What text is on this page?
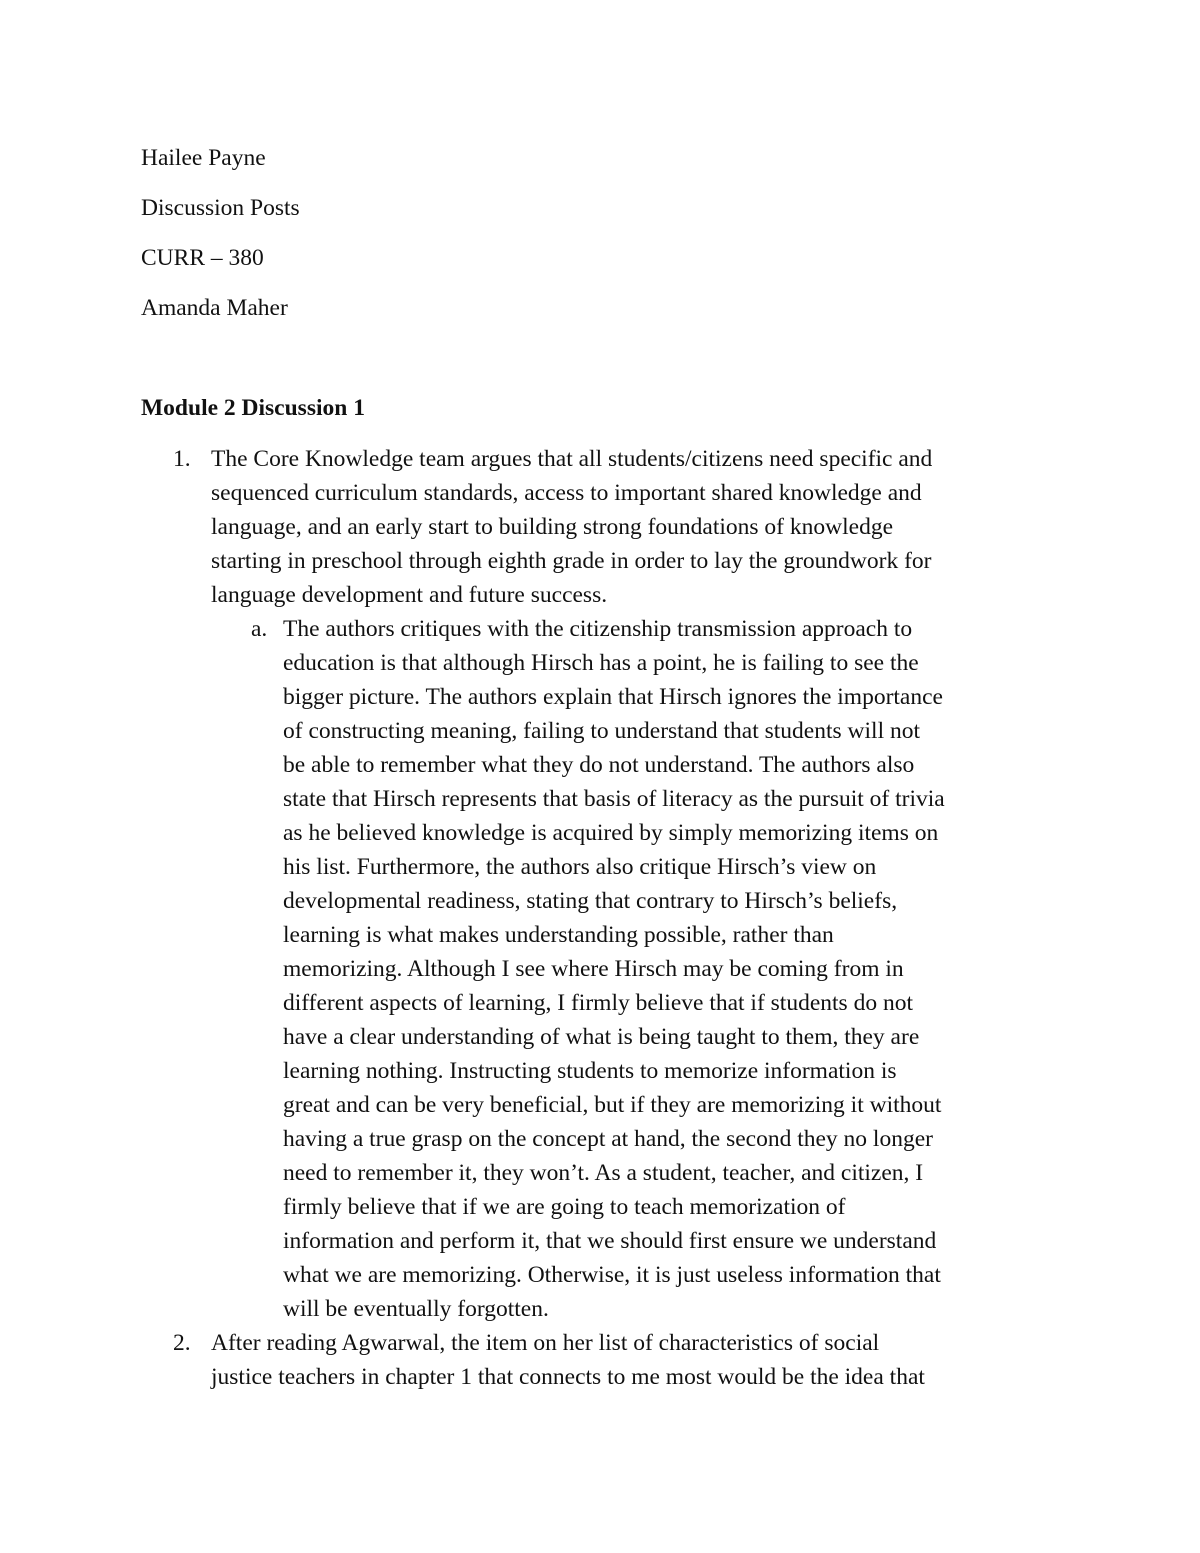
Hailee Payne
Discussion Posts
CURR – 380
Amanda Maher
Module 2 Discussion 1
1. The Core Knowledge team argues that all students/citizens need specific and
sequenced curriculum standards, access to important shared knowledge and
language, and an early start to building strong foundations of knowledge
starting in preschool through eighth grade in order to lay the groundwork for
language development and future success.
a. The authors critiques with the citizenship transmission approach to
education is that although Hirsch has a point, he is failing to see the
bigger picture. The authors explain that Hirsch ignores the importance
of constructing meaning, failing to understand that students will not
be able to remember what they do not understand. The authors also
state that Hirsch represents that basis of literacy as the pursuit of trivia
as he believed knowledge is acquired by simply memorizing items on
his list. Furthermore, the authors also critique Hirsch’s view on
developmental readiness, stating that contrary to Hirsch’s beliefs,
learning is what makes understanding possible, rather than
memorizing. Although I see where Hirsch may be coming from in
different aspects of learning, I firmly believe that if students do not
have a clear understanding of what is being taught to them, they are
learning nothing. Instructing students to memorize information is
great and can be very beneficial, but if they are memorizing it without
having a true grasp on the concept at hand, the second they no longer
need to remember it, they won’t. As a student, teacher, and citizen, I
firmly believe that if we are going to teach memorization of
information and perform it, that we should first ensure we understand
what we are memorizing. Otherwise, it is just useless information that
will be eventually forgotten.
2. After reading Agwarwal, the item on her list of characteristics of social
justice teachers in chapter 1 that connects to me most would be the idea that
